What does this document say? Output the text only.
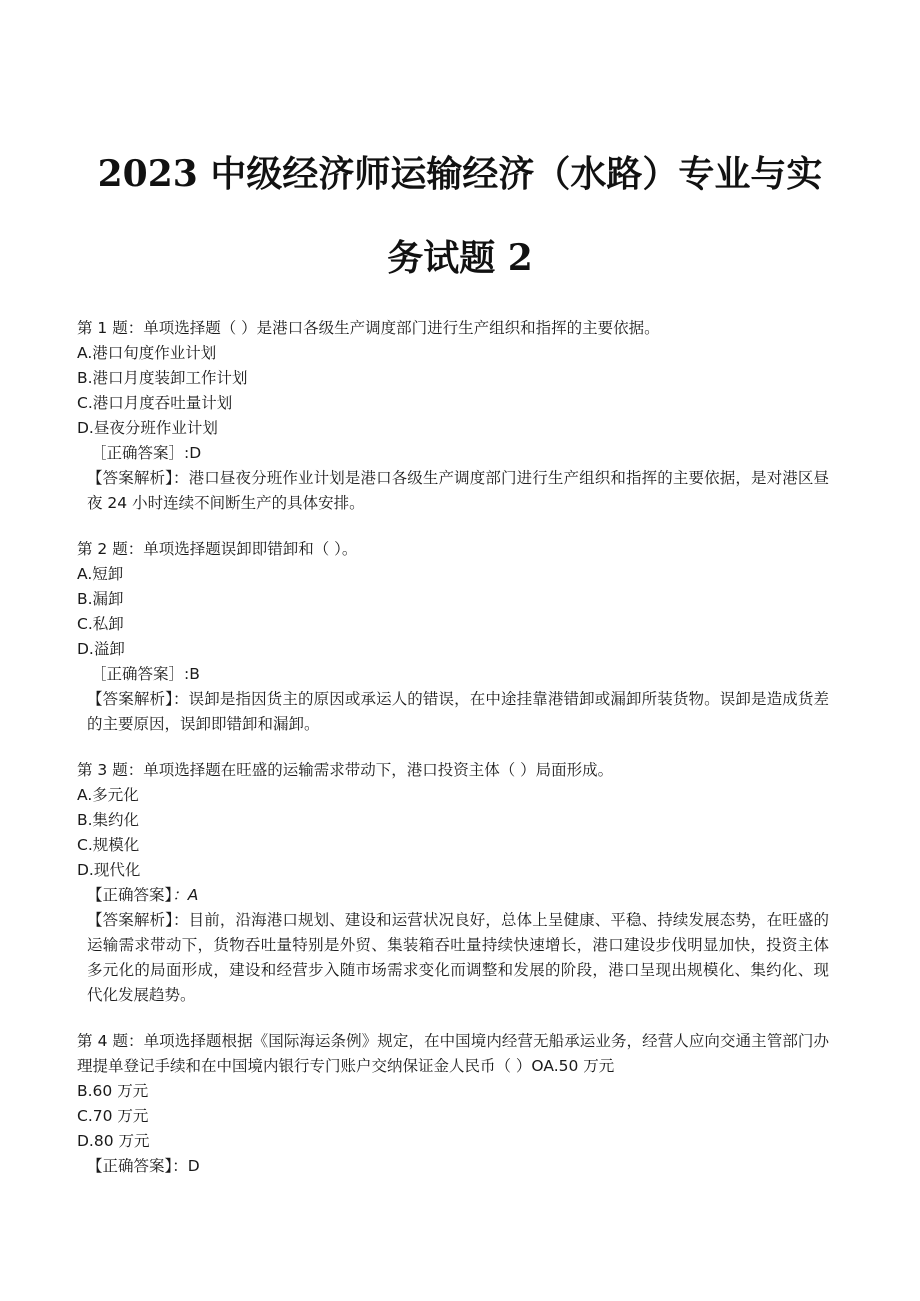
2023 中级经济师运输经济（水路）专业与实
务试题 2
第 1 题：单项选择题（ ）是港口各级生产调度部门进行生产组织和指挥的主要依据。
A.港口旬度作业计划
B.港口月度装卸工作计划
C.港口月度吞吐量计划
D.昼夜分班作业计划
［正确答案］:D
【答案解析】：港口昼夜分班作业计划是港口各级生产调度部门进行生产组织和指挥的主要依据，是对港区昼夜 24 小时连续不间断生产的具体安排。
第 2 题：单项选择题误卸即错卸和（ ）。
A.短卸
B.漏卸
C.私卸
D.溢卸
［正确答案］:B
【答案解析】：误卸是指因货主的原因或承运人的错误，在中途挂靠港错卸或漏卸所装货物。误卸是造成货差的主要原因，误卸即错卸和漏卸。
第 3 题：单项选择题在旺盛的运输需求带动下，港口投资主体（ ）局面形成。
A.多元化
B.集约化
C.规模化
D.现代化
【正确答案】：A
【答案解析】：目前，沿海港口规划、建设和运营状况良好，总体上呈健康、平稳、持续发展态势，在旺盛的运输需求带动下，货物吞吐量特别是外贸、集装箱吞吐量持续快速增长，港口建设步伐明显加快，投资主体多元化的局面形成，建设和经营步入随市场需求变化而调整和发展的阶段，港口呈现出规模化、集约化、现代化发展趋势。
第 4 题：单项选择题根据《国际海运条例》规定，在中国境内经营无船承运业务，经营人应向交通主管部门办理提单登记手续和在中国境内银行专门账户交纳保证金人民币（ ）OA.50 万元
B.60 万元
C.70 万元
D.80 万元
【正确答案】：D
